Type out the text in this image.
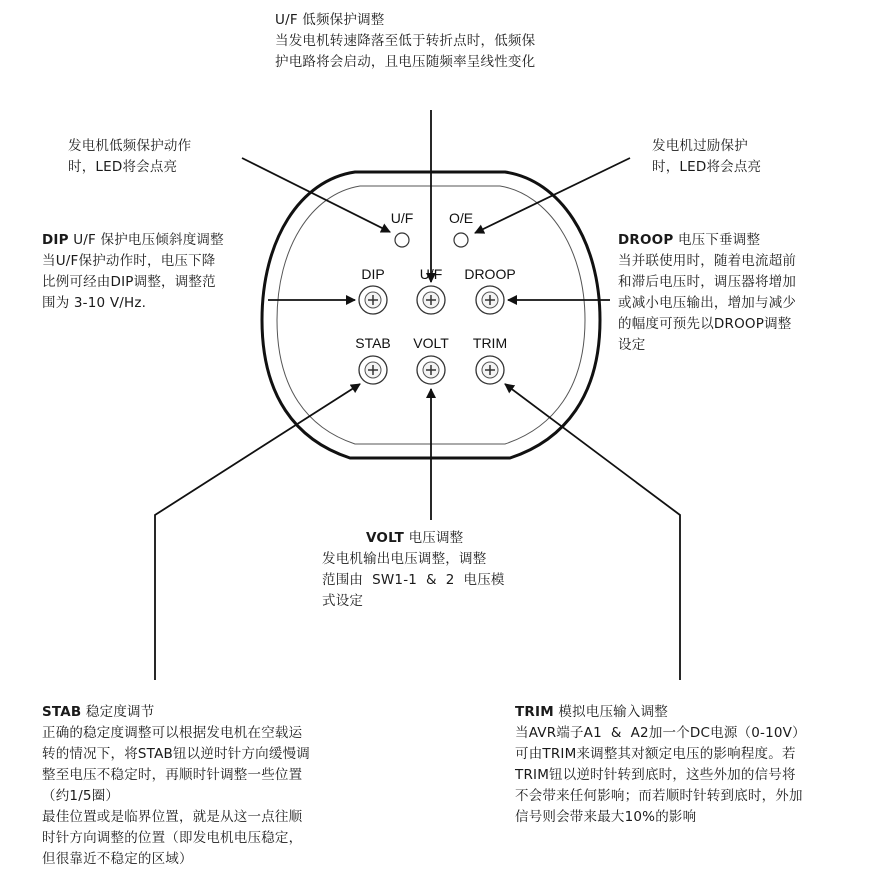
U/F	O/E
DIP	U/F DROOP
STAB VOLT TRIM
U/F 低频保护调整
当发电机转速降落至低于转折点时，低频保
护电路将会启动，且电压随频率呈线性变化
发电机低频保护动作
时，LED将会点亮
发电机过励保护
时，LED将会点亮
DIP U/F 保护电压倾斜度调整
当U/F保护动作时，电压下降
比例可经由DIP调整，调整范
围为 3-10 V/Hz.
DROOP 电压下垂调整
当并联使用时，随着电流超前
和滞后电压时，调压器将增加
或减小电压输出，增加与减少
的幅度可预先以DROOP调整
设定
VOLT 电压调整
发电机输出电压调整，调整
范围由  SW1-1  &  2  电压模
式设定
STAB 稳定度调节
正确的稳定度调整可以根据发电机在空载运
转的情况下，将STAB钮以逆时针方向缓慢调
整至电压不稳定时，再顺时针调整一些位置
（约1/5圈）
最佳位置或是临界位置，就是从这一点往顺
时针方向调整的位置（即发电机电压稳定，
但很靠近不稳定的区域）
TRIM 模拟电压输入调整
当AVR端子A1  &  A2加一个DC电源（0-10V）
可由TRIM来调整其对额定电压的影响程度。若
TRIM钮以逆时针转到底时，这些外加的信号将
不会带来任何影响；而若顺时针转到底时，外加
信号则会带来最大10%的影响
